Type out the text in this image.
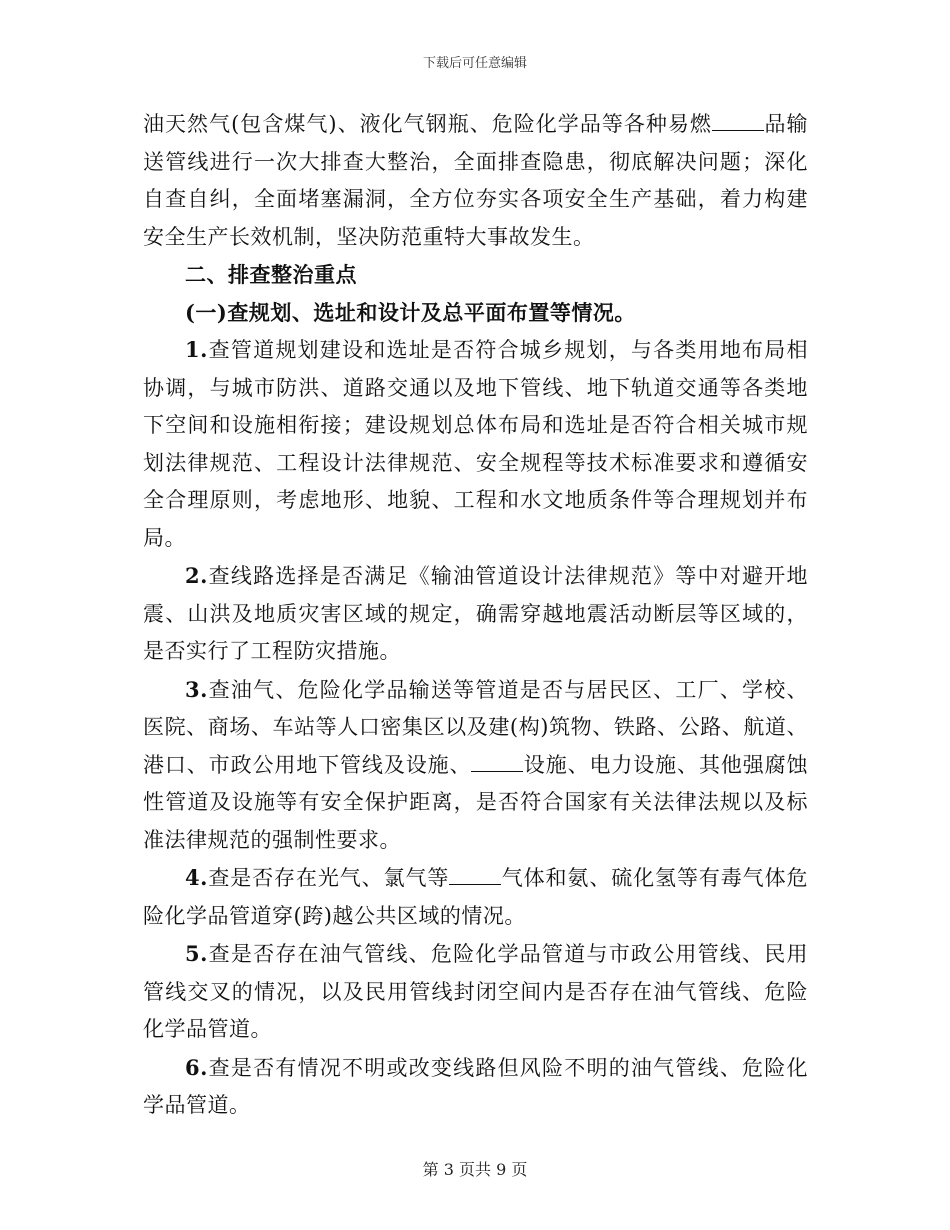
下载后可任意编辑

油天然气(包含煤气)、液化气钢瓶、危险化学品等各种易燃 品输送管线进行一次大排查大整治，全面排查隐患，彻底解决问题；深化自查自纠，全面堵塞漏洞，全方位夯实各项安全生产基础，着力构建安全生产长效机制，坚决防范重特大事故发生。

二、排查整治重点

(一)查规划、选址和设计及总平面布置等情况。

1.查管道规划建设和选址是否符合城乡规划，与各类用地布局相协调，与城市防洪、道路交通以及地下管线、地下轨道交通等各类地下空间和设施相衔接；建设规划总体布局和选址是否符合相关城市规划法律规范、工程设计法律规范、安全规程等技术标准要求和遵循安全合理原则，考虑地形、地貌、工程和水文地质条件等合理规划并布局。

2.查线路选择是否满足《输油管道设计法律规范》等中对避开地震、山洪及地质灾害区域的规定，确需穿越地震活动断层等区域的，是否实行了工程防灾措施。

3.查油气、危险化学品输送等管道是否与居民区、工厂、学校、医院、商场、车站等人口密集区以及建(构)筑物、铁路、公路、航道、港口、市政公用地下管线及设施、 设施、电力设施、其他强腐蚀性管道及设施等有安全保护距离，是否符合国家有关法律法规以及标准法律规范的强制性要求。

4.查是否存在光气、氯气等 气体和氨、硫化氢等有毒气体危险化学品管道穿(跨)越公共区域的情况。

5.查是否存在油气管线、危险化学品管道与市政公用管线、民用管线交叉的情况，以及民用管线封闭空间内是否存在油气管线、危险化学品管道。

6.查是否有情况不明或改变线路但风险不明的油气管线、危险化学品管道。

第 3 页共 9 页
